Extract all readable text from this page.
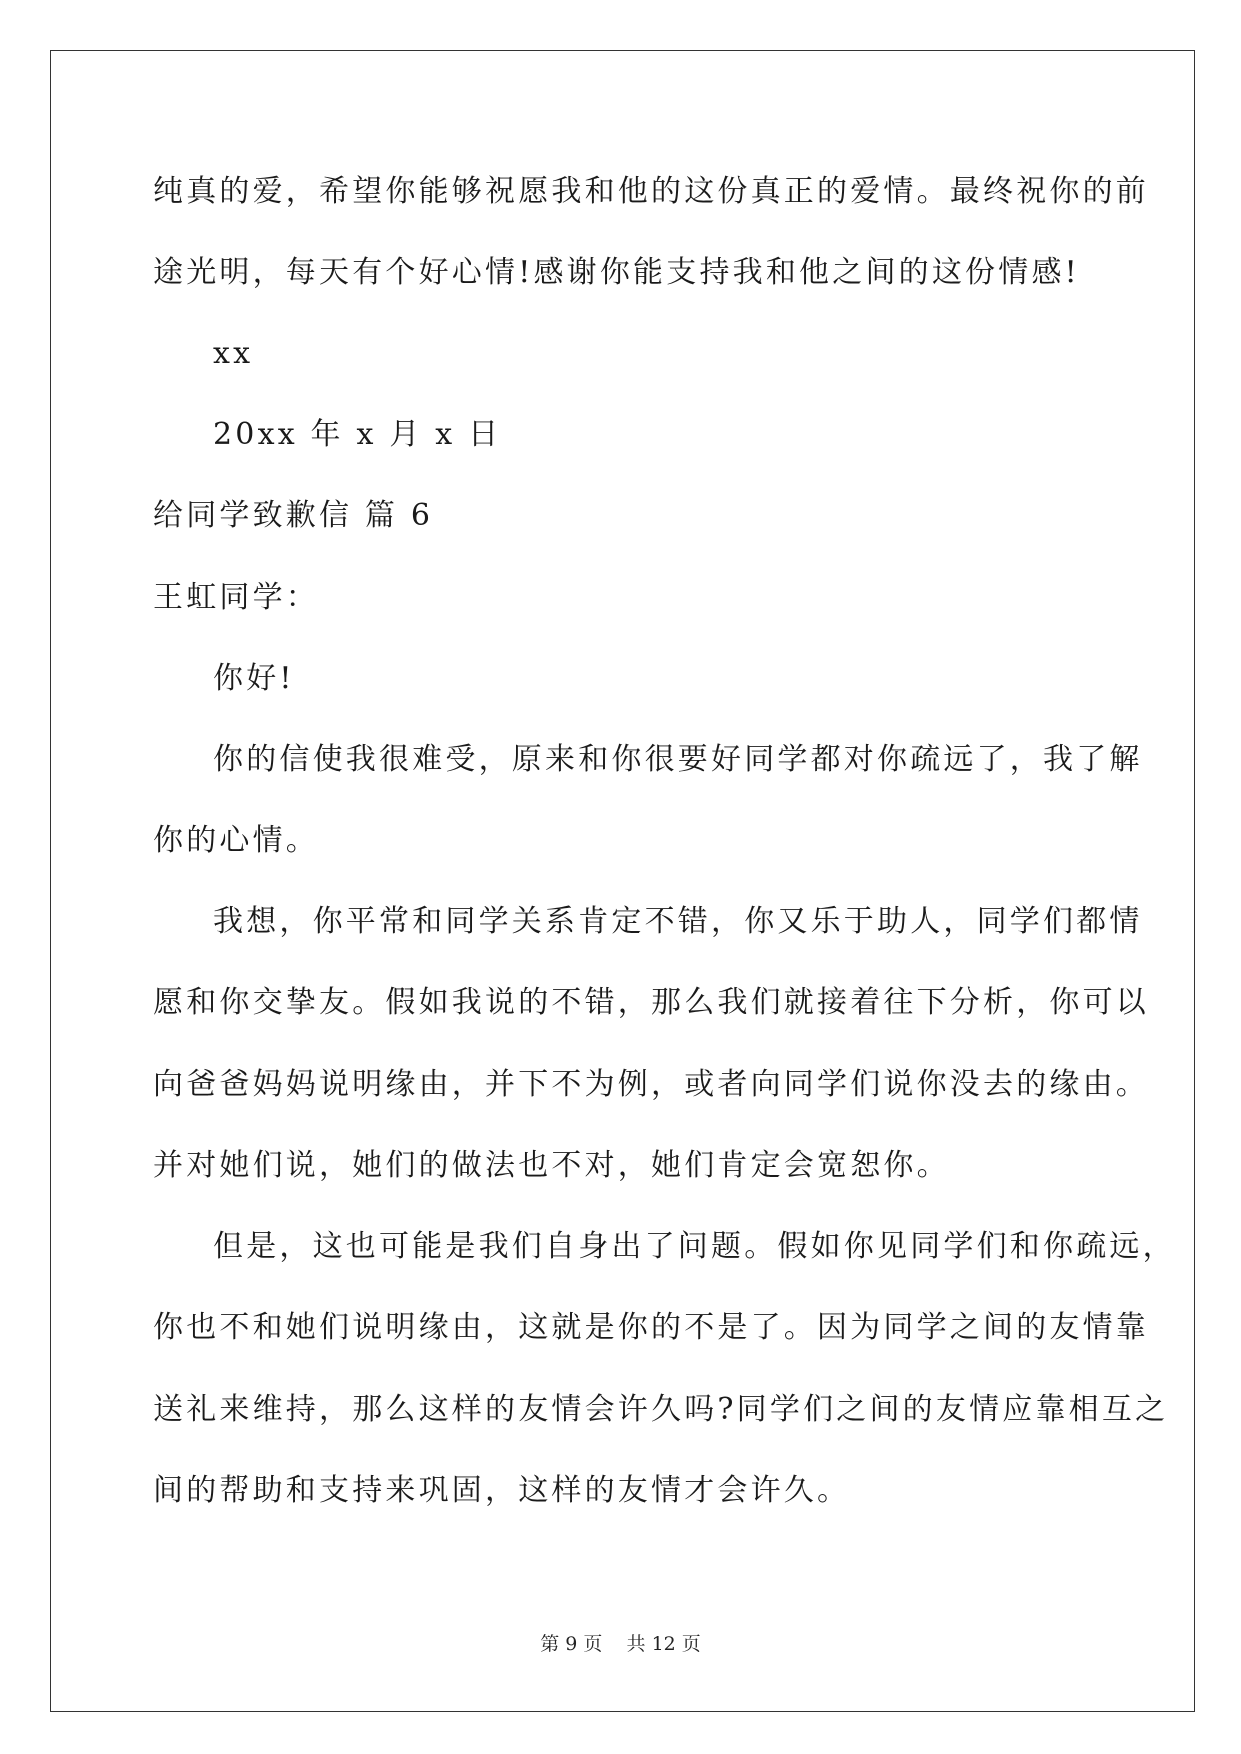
纯真的爱，希望你能够祝愿我和他的这份真正的爱情。最终祝你的前

途光明，每天有个好心情!感谢你能支持我和他之间的这份情感!

xx

20xx 年 x 月 x 日

给同学致歉信 篇 6

王虹同学：

你好!

你的信使我很难受，原来和你很要好同学都对你疏远了，我了解

你的心情。

我想，你平常和同学关系肯定不错，你又乐于助人，同学们都情

愿和你交挚友。假如我说的不错，那么我们就接着往下分析，你可以

向爸爸妈妈说明缘由，并下不为例，或者向同学们说你没去的缘由。

并对她们说，她们的做法也不对，她们肯定会宽恕你。

但是，这也可能是我们自身出了问题。假如你见同学们和你疏远，

你也不和她们说明缘由，这就是你的不是了。因为同学之间的友情靠

送礼来维持，那么这样的友情会许久吗?同学们之间的友情应靠相互之

间的帮助和支持来巩固，这样的友情才会许久。

第 9 页    共 12 页
